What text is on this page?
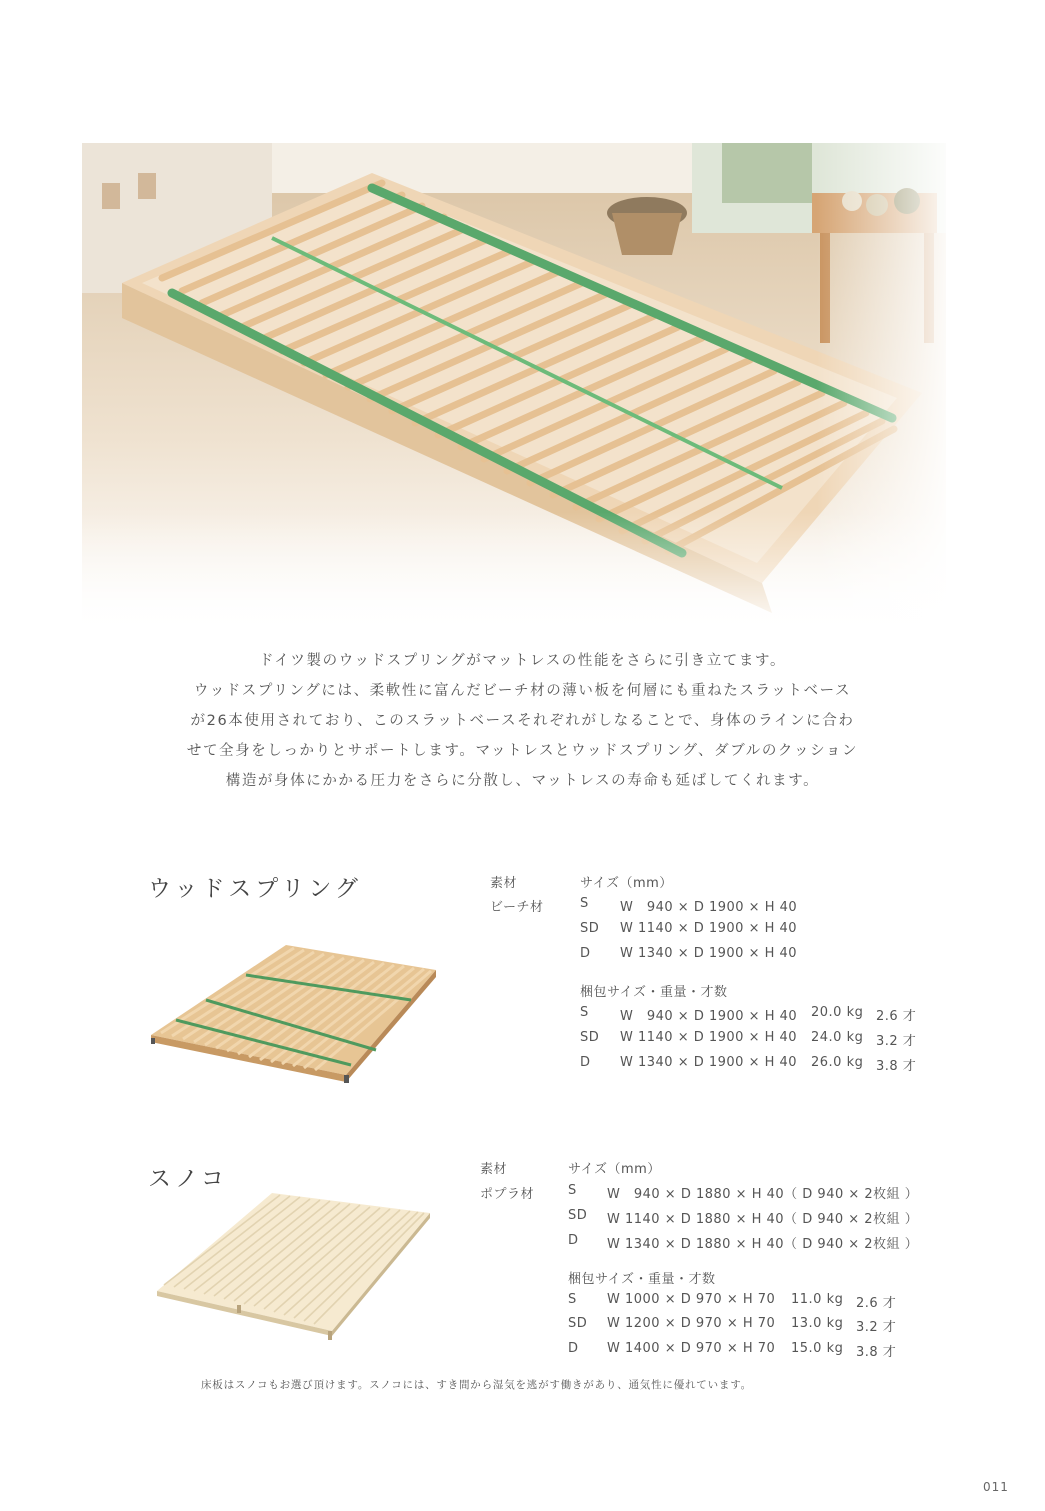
ドイツ製のウッドスプリングがマットレスの性能をさらに引き立てます。

ウッドスプリングには、柔軟性に富んだビーチ材の薄い板を何層にも重ねたスラットベース

が26本使用されており、このスラットベースそれぞれがしなることで、身体のラインに合わ

せて全身をしっかりとサポートします。マットレスとウッドスプリング、ダブルのクッション

構造が身体にかかる圧力をさらに分散し、マットレスの寿命も延ばしてくれます。

ウッドスプリング	素材
ビーチ材
サイズ（mm）
S W　940 × D 1900 × H 40
SD W 1140 × D 1900 × H 40
D W 1340 × D 1900 × H 40
梱包サイズ・重量・才数
S W　940 × D 1900 × H 40 20.0 kg 2.6 才
SD W 1140 × D 1900 × H 40 24.0 kg 3.2 才
D W 1340 × D 1900 × H 40 26.0 kg 3.8 才
スノコ	素材
ポプラ材
サイズ（mm）
S W　940 × D 1880 × H 40（ D 940 × 2枚組 ）
SD W 1140 × D 1880 × H 40（ D 940 × 2枚組 ）
D W 1340 × D 1880 × H 40（ D 940 × 2枚組 ）
梱包サイズ・重量・才数
S W 1000 × D 970 × H 70 11.0 kg 2.6 才
SD W 1200 × D 970 × H 70 13.0 kg 3.2 才
D W 1400 × D 970 × H 70 15.0 kg 3.8 才
床板はスノコもお選び頂けます。スノコには、すき間から湿気を逃がす働きがあり、通気性に優れています。
011
